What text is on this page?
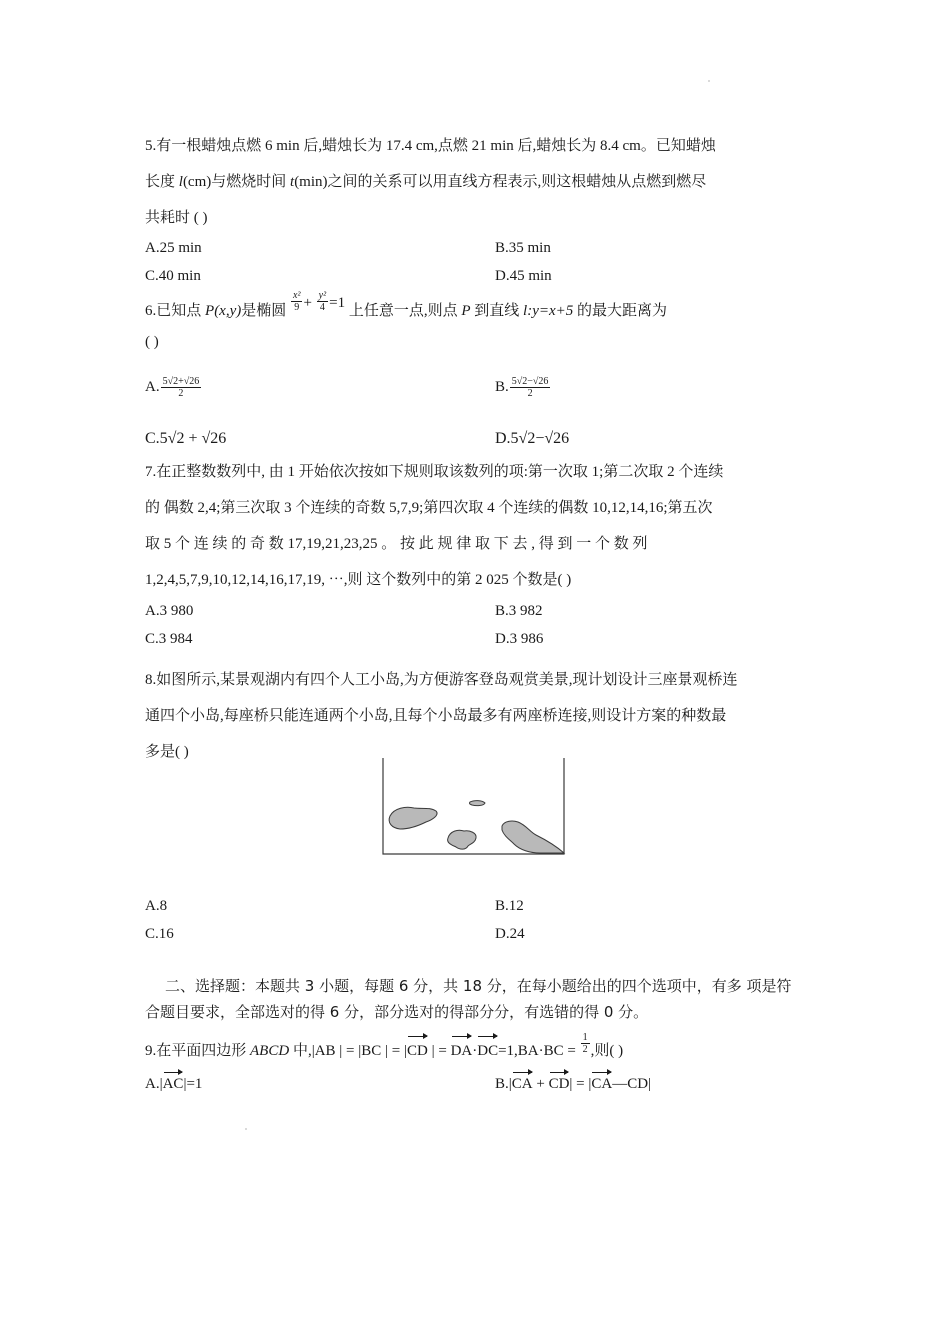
5.有一根蜡烛点燃 6 min 后,蜡烛长为 17.4 cm,点燃 21 min 后,蜡烛长为 8.4 cm。已知蜡烛
长度 l(cm)与燃烧时间 t(min)之间的关系可以用直线方程表示,则这根蜡烛从点燃到燃尽
共耗时 ( )
A.25 min	B.35 min
C.40 min	D.45 min
6.已知点 P(x,y)是椭圆 $\frac{\text{x²}}{9} + \frac{\text{y²}}{4} =1$ 上任意一点,则点 P 到直线 l:y=x+5 的最大距离为
( )
A. $\frac{5√2+√26}{2}$	B. $\frac{5√2-√26}{2}$
C.5√2 + √26	D.5√2−√26
7.在正整数数列中, 由 1 开始依次按如下规则取该数列的项:第一次取 1;第二次取 2 个连续
的 偶数 2,4;第三次取 3 个连续的奇数 5,7,9;第四次取 4 个连续的偶数 10,12,14,16;第五次
取 5 个 连 续 的 奇 数 17,19,21,23,25 。 按 此 规 律 取 下 去 , 得 到 一 个 数 列
1,2,4,5,7,9,10,12,14,16,17,19, ⋯,则 这个数列中的第 2 025 个数是( )
A.3 980	B.3 982
C.3 984	D.3 986
8.如图所示,某景观湖内有四个人工小岛,为方便游客登岛观赏美景,现计划设计三座景观桥连
通四个小岛,每座桥只能连通两个小岛,且每个小岛最多有两座桥连接,则设计方案的种数最
多是( )
A.8	B.12
C.16	D.24
二、选择题：本题共 3 小题，每题 6 分，共 18 分，在每小题给出的四个选项中，有多 项是符合题目要求，全部选对的得 6 分，部分选对的得部分分，有选错的得 0 分。
9.在平面四边形 ABCD 中,|AB | = |BC | = |CD | = $DA\cdot DC=1,BA\cdot BC = \frac{1}{2}$ ,则( )
A.|AC|=1	B.|CA + CD| = |CA—CD|
